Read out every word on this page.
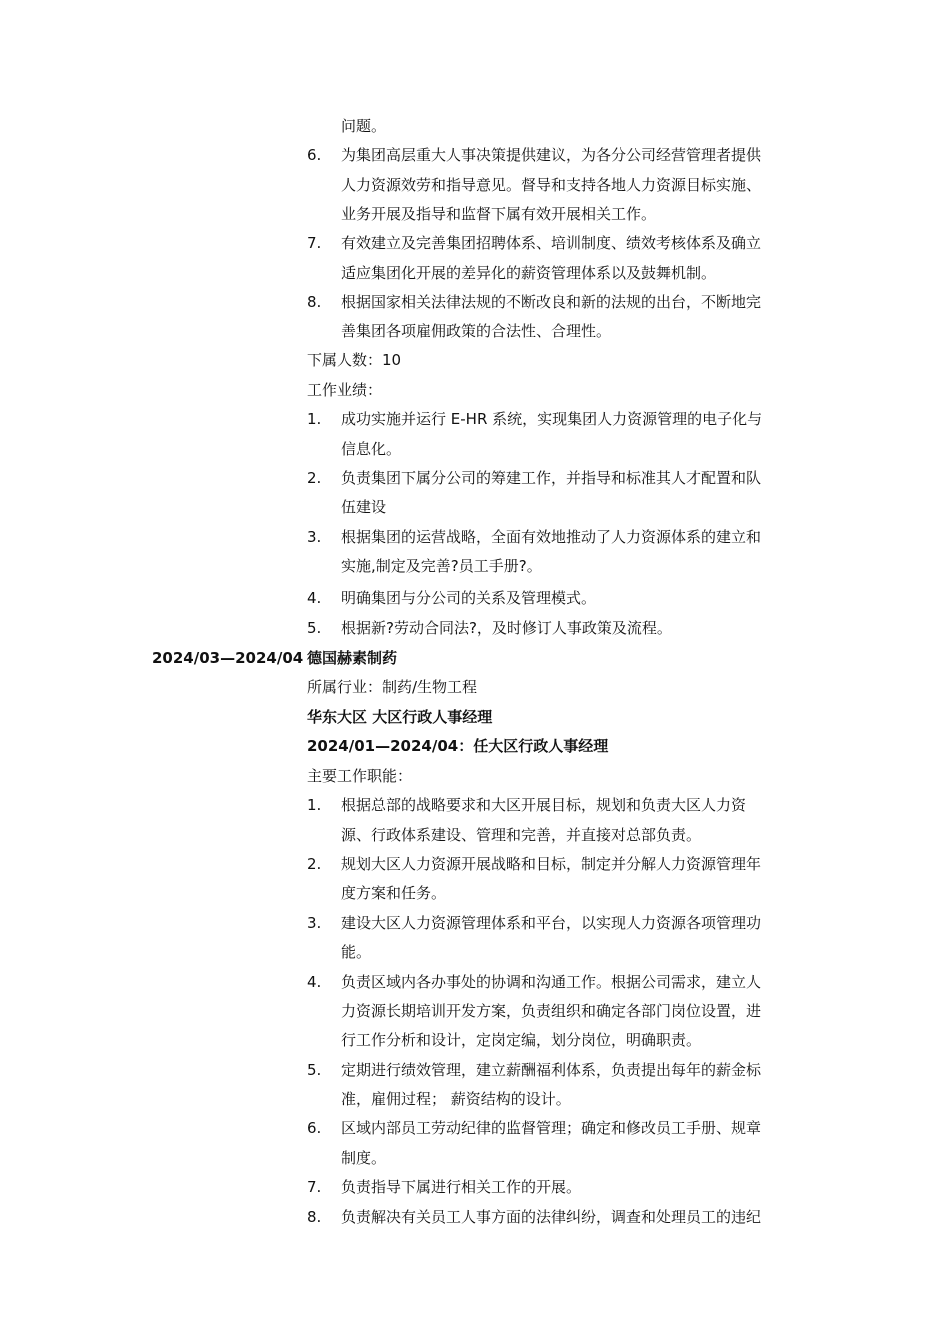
问题。
6. 为集团高层重大人事决策提供建议，为各分公司经营管理者提供
人力资源效劳和指导意见。督导和支持各地人力资源目标实施、
业务开展及指导和监督下属有效开展相关工作。
7. 有效建立及完善集团招聘体系、培训制度、绩效考核体系及确立
适应集团化开展的差异化的薪资管理体系以及鼓舞机制。
8. 根据国家相关法律法规的不断改良和新的法规的出台，不断地完
善集团各项雇佣政策的合法性、合理性。
下属人数：10
工作业绩：
1. 成功实施并运行 E-HR 系统，实现集团人力资源管理的电子化与
信息化。
2. 负责集团下属分公司的筹建工作，并指导和标准其人才配置和队
伍建设
3. 根据集团的运营战略，全面有效地推动了人力资源体系的建立和
实施,制定及完善?员工手册?。
4. 明确集团与分公司的关系及管理模式。
5. 根据新?劳动合同法?，及时修订人事政策及流程。
2024/03—2024/04 德国赫素制药
所属行业：制药/生物工程
华东大区 大区行政人事经理
2024/01—2024/04：任大区行政人事经理
主要工作职能：
1. 根据总部的战略要求和大区开展目标，规划和负责大区人力资
源、行政体系建设、管理和完善，并直接对总部负责。
2. 规划大区人力资源开展战略和目标，制定并分解人力资源管理年
度方案和任务。
3. 建设大区人力资源管理体系和平台，以实现人力资源各项管理功
能。
4. 负责区域内各办事处的协调和沟通工作。根据公司需求，建立人
力资源长期培训开发方案，负责组织和确定各部门岗位设置，进
行工作分析和设计，定岗定编，划分岗位，明确职责。
5. 定期进行绩效管理，建立薪酬福利体系，负责提出每年的薪金标
准，雇佣过程； 薪资结构的设计。
6. 区域内部员工劳动纪律的监督管理；确定和修改员工手册、规章
制度。
7. 负责指导下属进行相关工作的开展。
8. 负责解决有关员工人事方面的法律纠纷，调查和处理员工的违纪
